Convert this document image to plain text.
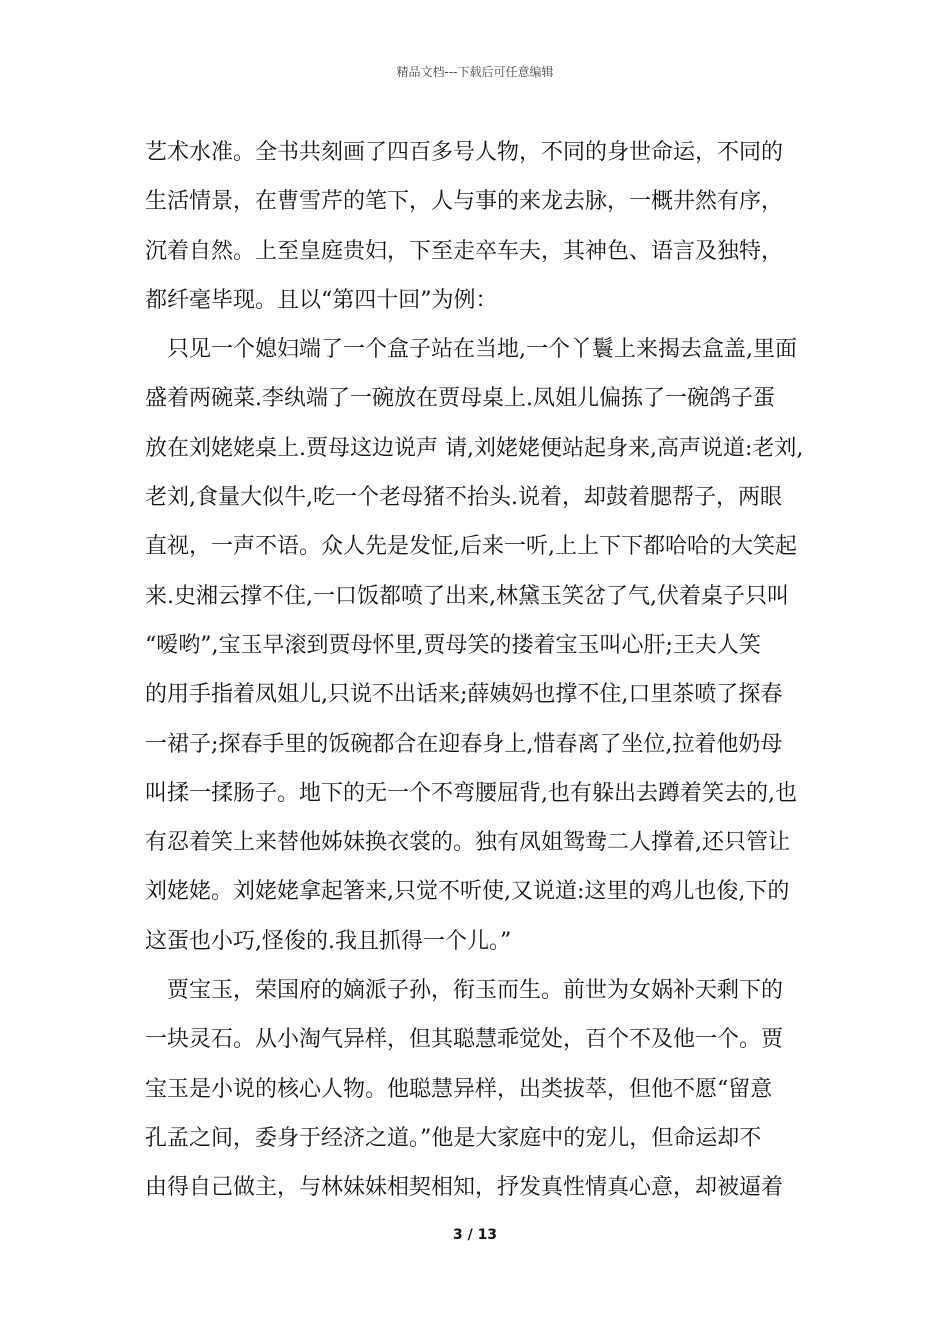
精品文档---下载后可任意编辑
艺术水准。全书共刻画了四百多号人物，不同的身世命运，不同的
生活情景，在曹雪芹的笔下，人与事的来龙去脉，一概井然有序，
沉着自然。上至皇庭贵妇，下至走卒车夫，其神色、语言及独特，
都纤毫毕现。且以“第四十回”为例：
只见一个媳妇端了一个盒子站在当地,一个丫鬟上来揭去盒盖,里面
盛着两碗菜.李纨端了一碗放在贾母桌上.凤姐儿偏拣了一碗鸽子蛋
放在刘姥姥桌上.贾母这边说声 请,刘姥姥便站起身来,高声说道:老刘,
老刘,食量大似牛,吃一个老母猪不抬头.说着，却鼓着腮帮子，两眼
直视，一声不语。众人先是发怔,后来一听,上上下下都哈哈的大笑起
来.史湘云撑不住,一口饭都喷了出来,林黛玉笑岔了气,伏着桌子只叫
“嗳哟”,宝玉早滚到贾母怀里,贾母笑的搂着宝玉叫心肝;王夫人笑
的用手指着凤姐儿,只说不出话来;薛姨妈也撑不住,口里茶喷了探春
一裙子;探春手里的饭碗都合在迎春身上,惜春离了坐位,拉着他奶母
叫揉一揉肠子。地下的无一个不弯腰屈背,也有躲出去蹲着笑去的,也
有忍着笑上来替他姊妹换衣裳的。独有凤姐鸳鸯二人撑着,还只管让
刘姥姥。刘姥姥拿起箸来,只觉不听使,又说道:这里的鸡儿也俊,下的
这蛋也小巧,怪俊的.我且抓得一个儿。”
贾宝玉，荣国府的嫡派子孙，衔玉而生。前世为女娲补天剩下的
一块灵石。从小淘气异样，但其聪慧乖觉处，百个不及他一个。贾
宝玉是小说的核心人物。他聪慧异样，出类拔萃，但他不愿“留意
孔孟之间，委身于经济之道。”他是大家庭中的宠儿，但命运却不
由得自己做主，与林妹妹相契相知，抒发真性情真心意，却被逼着
3 / 13
